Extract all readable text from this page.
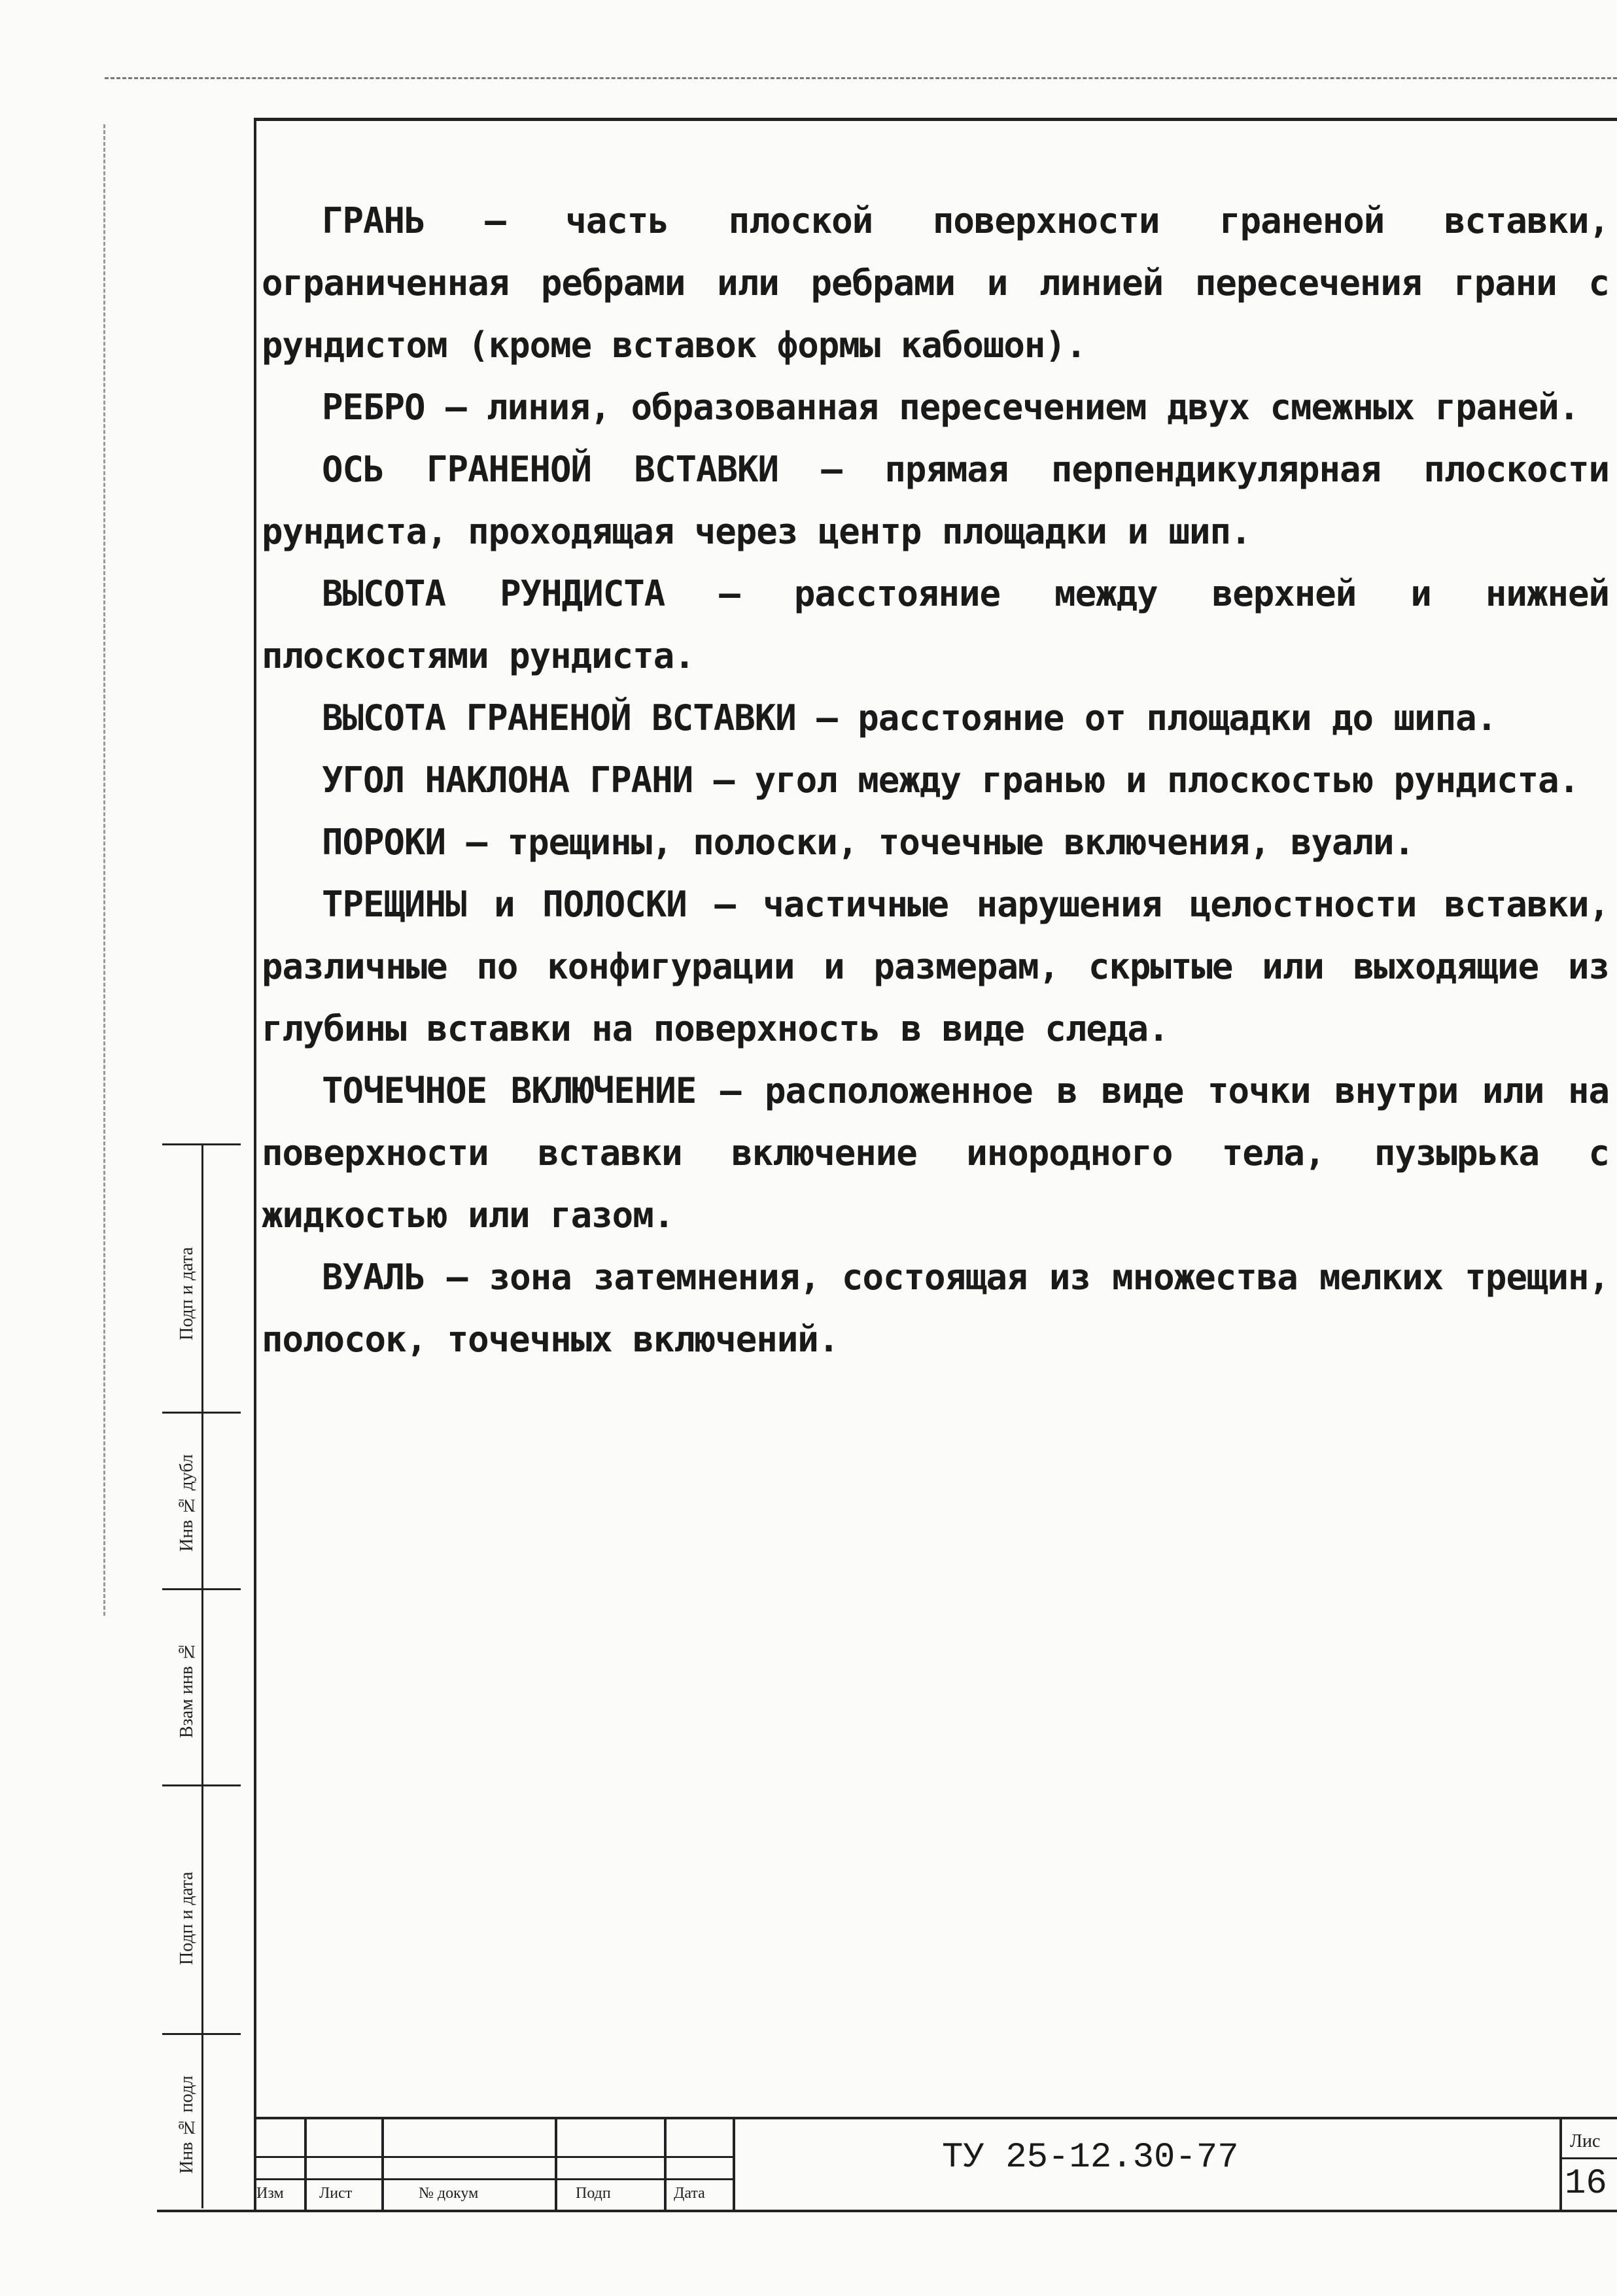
ГРАНЬ – часть плоской поверхности граненой вставки, ограниченная ребрами или ребрами и линией пересечения грани с рундистом (кроме вставок формы кабошон).

РЕБРО – линия, образованная пересечением двух смежных граней.

ОСЬ ГРАНЕНОЙ ВСТАВКИ – прямая перпендикулярная плоскости рундиста, проходящая через центр площадки и шип.

ВЫСОТА РУНДИСТА – расстояние между верхней и нижней плоскостями рундиста.

ВЫСОТА ГРАНЕНОЙ ВСТАВКИ – расстояние от площадки до шипа.

УГОЛ НАКЛОНА ГРАНИ – угол между гранью и плоскостью рундиста.

ПОРОКИ – трещины, полоски, точечные включения, вуали.

ТРЕЩИНЫ и ПОЛОСКИ – частичные нарушения целостности вставки, различные по конфигурации и размерам, скрытые или выходящие из глубины вставки на поверхность в виде следа.

ТОЧЕЧНОЕ ВКЛЮЧЕНИЕ – расположенное в виде точки внутри или на поверхности вставки включение инородного тела, пузырька с жидкостью или газом.

ВУАЛЬ – зона затемнения, состоящая из множества мелких трещин, полосок, точечных включений.

Подп и дата
Инв № дубл
Взам инв №
Подп и дата
Инв № подл
Изм Лист	№ докум	Подп	Дата
ТУ 25-12.30-77	Лис
16
